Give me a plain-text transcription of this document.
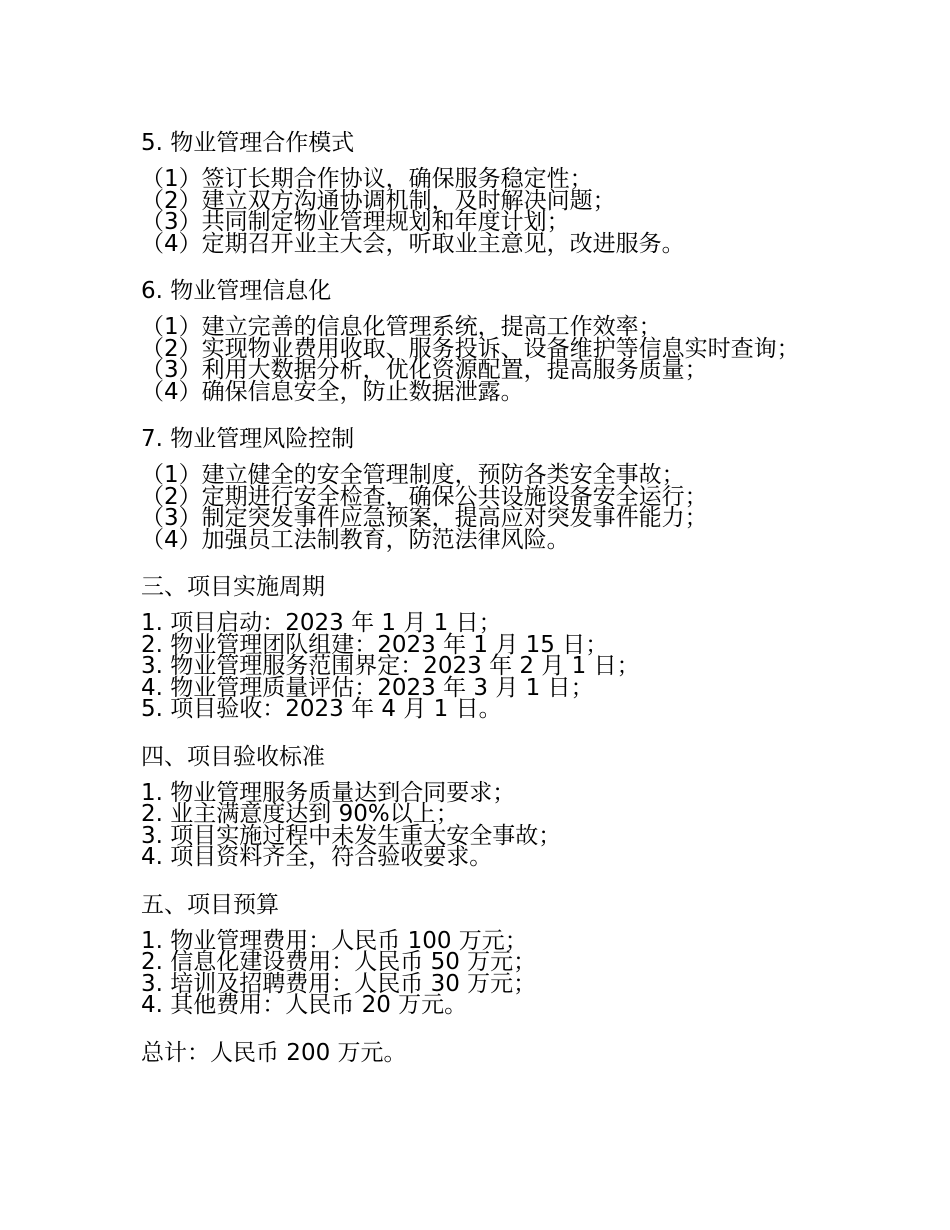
5. 物业管理合作模式
（1）签订长期合作协议，确保服务稳定性；
（2）建立双方沟通协调机制，及时解决问题；
（3）共同制定物业管理规划和年度计划；
（4）定期召开业主大会，听取业主意见，改进服务。
6. 物业管理信息化
（1）建立完善的信息化管理系统，提高工作效率；
（2）实现物业费用收取、服务投诉、设备维护等信息实时查询；
（3）利用大数据分析，优化资源配置，提高服务质量；
（4）确保信息安全，防止数据泄露。
7. 物业管理风险控制
（1）建立健全的安全管理制度，预防各类安全事故；
（2）定期进行安全检查，确保公共设施设备安全运行；
（3）制定突发事件应急预案，提高应对突发事件能力；
（4）加强员工法制教育，防范法律风险。
三、项目实施周期
1. 项目启动：2023 年 1 月 1 日；
2. 物业管理团队组建：2023 年 1 月 15 日；
3. 物业管理服务范围界定：2023 年 2 月 1 日；
4. 物业管理质量评估：2023 年 3 月 1 日；
5. 项目验收：2023 年 4 月 1 日。
四、项目验收标准
1. 物业管理服务质量达到合同要求；
2. 业主满意度达到 90%以上；
3. 项目实施过程中未发生重大安全事故；
4. 项目资料齐全，符合验收要求。
五、项目预算
1. 物业管理费用：人民币 100 万元；
2. 信息化建设费用：人民币 50 万元；
3. 培训及招聘费用：人民币 30 万元；
4. 其他费用：人民币 20 万元。
总计：人民币 200 万元。
